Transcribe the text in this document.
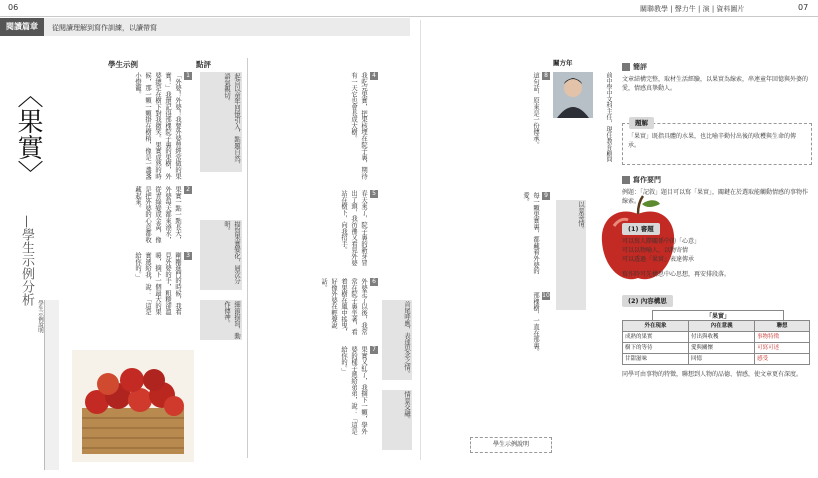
06	關聯教學 | 聲力牛 | 演 | 資料圖片	07
閱讀篇章	從閱讀理解到寫作訓練，以讀帶寫
〈果實〉
—學生示例分析
學生示例說明
學生示例	點評
1
「外婆！外婆！我要外婆曾經常做的果實！」我還記得那棵院子裏的果樹，外婆總是在樹下對我微笑。果實成熟的時候，那一顆一顆掛在樹梢，像是一盞盞小燈籠。
2
果實一點一點長大，外婆每天都來澆水，從青綠變成金黃，像是把外婆的心意都收藏起來。
3
剛剛進門的時候，我看見外婆的手，粗糙卻溫暖，摘下一個最大的果實遞給我，說：「這是給你的。」
起首以童年回憶引入，點題自然，語氣親切。
描寫果實變化，層次分明。
細節描寫，動作傳神。
4
我吃完果實，把果核埋在院子裏，期待有一天它也會長成大樹。
5
春天來了，院子裏的新芽冒出了頭，我彷彿又看見外婆站在樹下，向我招手。
6
外婆走了以後，我常常在院子裏坐著，看着果樹在風中搖曳，好像外婆在輕聲說話。
7
果實又紅了，我摘下一顆，學外婆的樣子遞給弟弟，說：「這是給你的。」	首尾呼應，表達思念之情。
情景交融。
8
這句話，原來是一份傳承。
9
每一顆果實裏，都藏着外婆的愛。
10
那棵樹，一直在那裏。
學生示例說明
以景寄情。
關方年
前中學中文科主任，現任教育顧問
簡評
文章結構完整，取材生活經驗，以果實為線索，串連童年回憶與外婆的愛，情感真摯動人。
題解
「果實」既指具體的水果，也比喻辛勤付出後的收穫與生命的傳承。
寫作要門
例題：「記敘」題目可以寫「果實」，關鍵在於選取能觸動情感的事物作線索。
(1) 審題
可以寫人際關係中的「心意」
可以以物喻人、以物寄情
可以透過「果實」表達傳承
寫作時可先構思中心思想，再安排段落。
(2) 內容構思
「果實」
外在現象	內在意義	聯想
成熟的果實	付出與收穫	事物特徵
樹下的等待	愛與關懷	可寫可述
甘甜滋味	回憶	感受
同學可由事物的特徵，聯想到人物的品德、情感，使文章更有深度。
